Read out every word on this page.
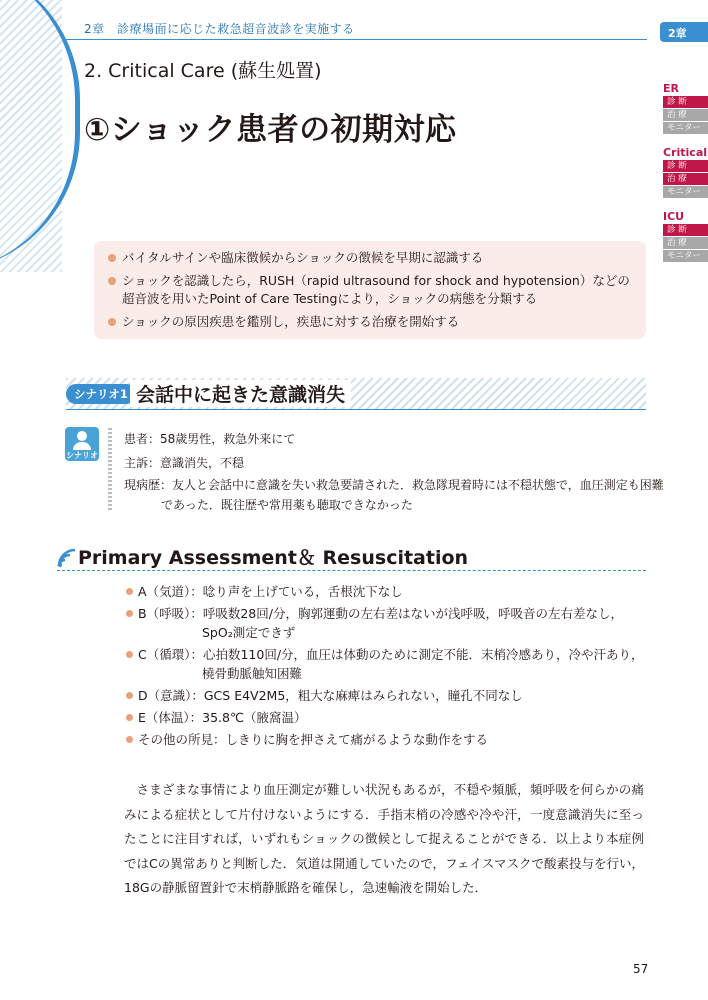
2章　診療場面に応じた救急超音波診を実施する	2章
ER
診 断
治 療
モニター
Critical
診 断
治 療
モニター
ICU
診 断
治 療
モニター
2. Critical Care (蘇生処置)
①ショック患者の初期対応
バイタルサインや臨床徴候からショックの徴候を早期に認識する
ショックを認識したら，RUSH（rapid ultrasound for shock and hypotension）などの超音波を用いたPoint of Care Testingにより，ショックの病態を分類する
ショックの原因疾患を鑑別し，疾患に対する治療を開始する
シナリオ1 会話中に起きた意識消失
シナリオ
患者：58歳男性，救急外来にて
主訴：意識消失，不穏
現病歴：友人と会話中に意識を失い救急要請された．救急隊現着時には不穏状態で，血圧測定も困難
であった．既往歴や常用薬も聴取できなかった
Primary Assessment＆ Resuscitation
A（気道）：唸り声を上げている，舌根沈下なし
B（呼吸）：呼吸数28回/分，胸郭運動の左右差はないが浅呼吸，呼吸音の左右差なし，
SpO₂測定できず
C（循環）：心拍数110回/分，血圧は体動のために測定不能．末梢冷感あり，冷や汗あり，
橈骨動脈触知困難
D（意識）：GCS E4V2M5，粗大な麻痺はみられない，瞳孔不同なし
E（体温）：35.8℃（腋窩温）
その他の所見：しきりに胸を押さえて痛がるような動作をする
さまざまな事情により血圧測定が難しい状況もあるが，不穏や頻脈，頻呼吸を何らかの痛みによる症状として片付けないようにする．手指末梢の冷感や冷や汗，一度意識消失に至ったことに注目すれば，いずれもショックの徴候として捉えることができる．以上より本症例ではCの異常ありと判断した．気道は開通していたので，フェイスマスクで酸素投与を行い，18Gの静脈留置針で末梢静脈路を確保し，急速輸液を開始した．
57
